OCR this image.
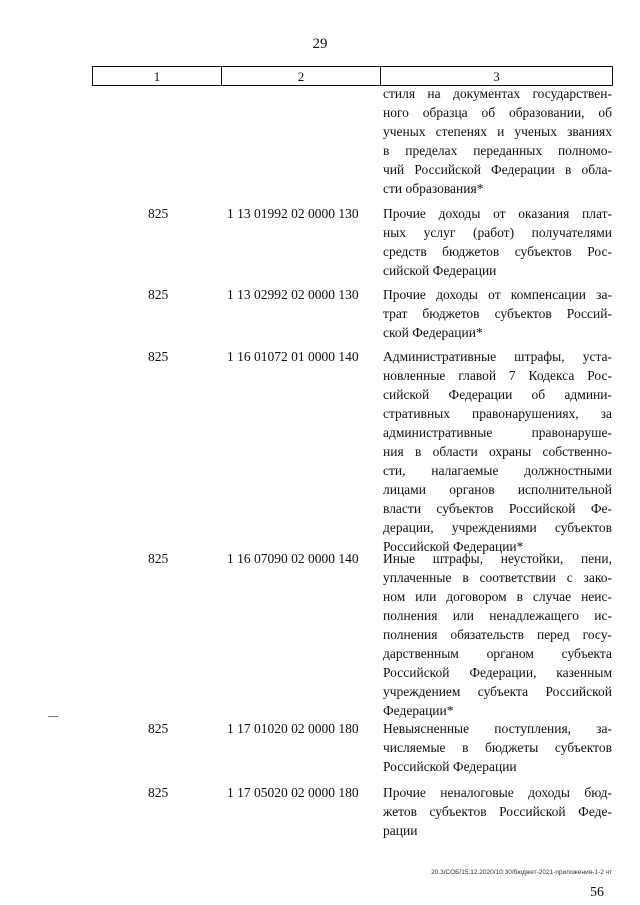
29
1	2	3
стиля на документах государствен-
ного образца об образовании, об
ученых степенях и ученых званиях
в пределах переданных полномо-
чий Российской Федерации в обла-
сти образования*
825	1 13 01992 02 0000 130 Прочие доходы от оказания плат-
ных услуг (работ) получателями
средств бюджетов субъектов Рос-
сийской Федерации
825	1 13 02992 02 0000 130 Прочие доходы от компенсации за-
трат бюджетов субъектов Россий-
ской Федерации*
825	1 16 01072 01 0000 140 Административные штрафы, уста-
новленные главой 7 Кодекса Рос-
сийской Федерации об админи-
стративных правонарушениях, за
административные правонаруше-
ния в области охраны собственно-
сти, налагаемые должностными
лицами органов исполнительной
власти субъектов Российской Фе-
дерации, учреждениями субъектов
Российской Федерации*
825	1 16 07090 02 0000 140 Иные штрафы, неустойки, пени,
уплаченные в соответствии с зако-
ном или договором в случае неис-
полнения или ненадлежащего ис-
полнения обязательств перед госу-
дарственным органом субъекта
Российской Федерации, казенным
учреждением субъекта Российской
Федерации*
825	1 17 01020 02 0000 180 Невыясненные поступления, за-
числяемые в бюджеты субъектов
Российской Федерации
825	1 17 05020 02 0000 180 Прочие неналоговые доходы бюд-
жетов субъектов Российской Феде-
рации
20.3/СОБ/15.12.2020/10:30/бюджет-2021-приложения-1-2 чт
56
